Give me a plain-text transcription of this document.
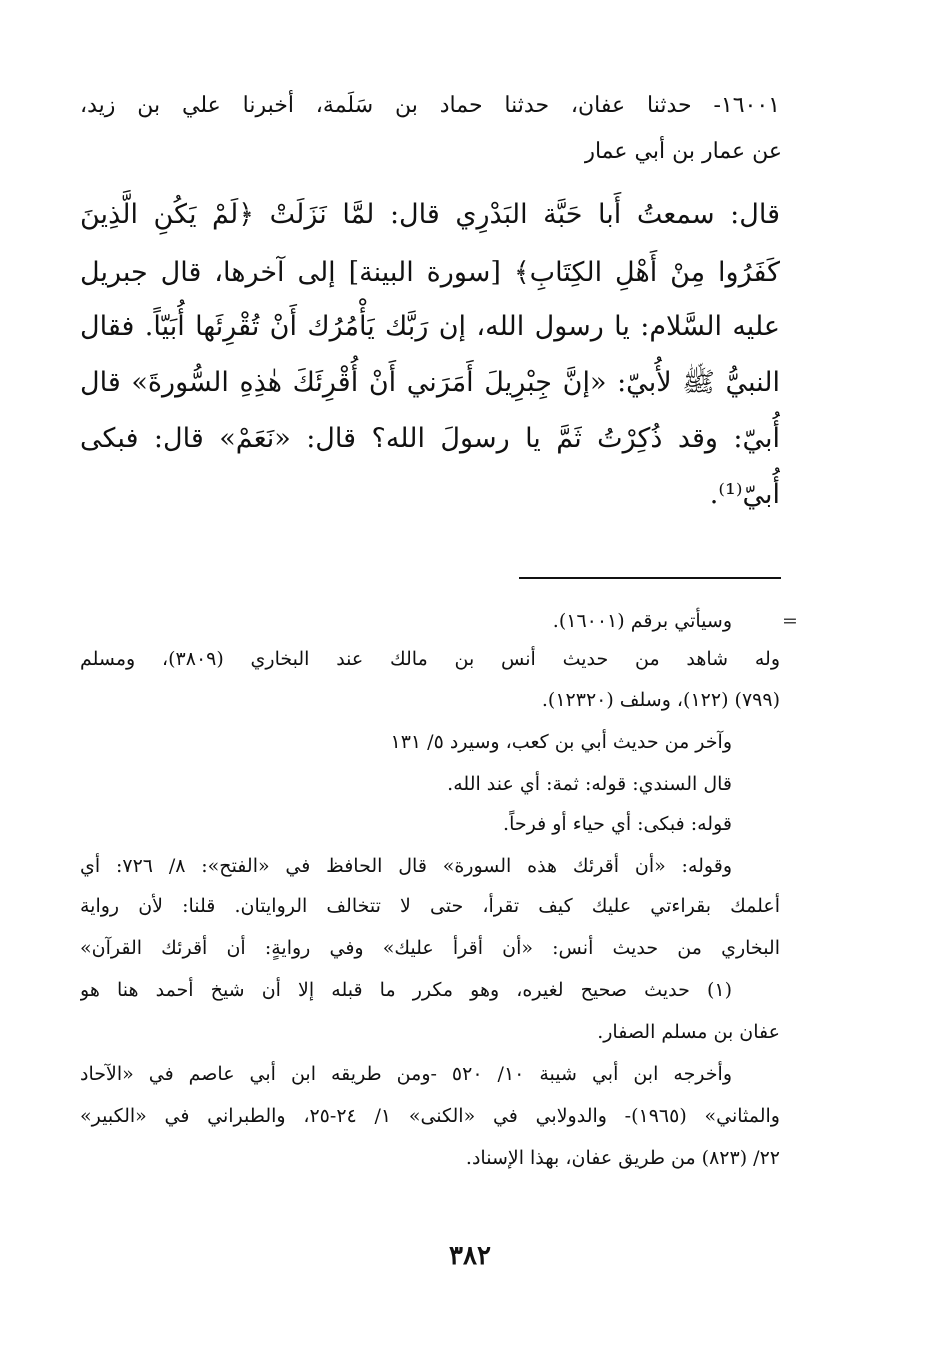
١٦٠٠١- حدثنا عفان، حدثنا حماد بن سَلَمة، أخبرنا علي بن زيد،
عن عمار بن أبي عمار
قال: سمعتُ أَبا حَبَّة البَدْرِي قال: لمَّا نَزَلَتْ ﴿لَمْ يَكُنِ الَّذِينَ
كَفَرُوا مِنْ أَهْلِ الكِتَابِ﴾ [سورة البينة] إلى آخرها، قال جبريل
عليه السَّلام: يا رسول الله، إن رَبَّك يَأْمُرُك أَنْ تُقْرِئَها أُبَيّاً. فقال
النبيُّ ﷺ لأُبيّ: «إنَّ جِبْرِيلَ أَمَرَني أَنْ أُقْرِئَكَ هٰذِهِ السُّورةَ» قال
أُبيّ: وقد ذُكِرْتُ ثَمَّ يا رسولَ الله؟ قال: «نَعَمْ» قال: فبكى
أُبيّ⁽¹⁾.
=
وسيأتي برقم (١٦٠٠١).
وله شاهد من حديث أنس بن مالك عند البخاري (٣٨٠٩)، ومسلم
(٧٩٩) (١٢٢)، وسلف (١٢٣٢٠).
وآخر من حديث أبي بن كعب، وسيرد ٥/ ١٣١
قال السندي: قوله: ثمة: أي عند الله.
قوله: فبكى: أي حياء أو فرحاً.
وقوله: «أن أقرئك هذه السورة» قال الحافظ في «الفتح»: ٨/ ٧٢٦: أي
أعلمك بقراءتي عليك كيف تقرأ، حتى لا تتخالف الروايتان. قلنا: لأن رواية
البخاري من حديث أنس: «أن أقرأ عليك» وفي روايةٍ: أن أقرئك القرآن»
(١) حديث صحيح لغيره، وهو مكرر ما قبله إلا أن شيخ أحمد هنا هو
عفان بن مسلم الصفار.
وأخرجه ابن أبي شيبة ١٠/ ٥٢٠ -ومن طريقه ابن أبي عاصم في «الآحاد
والمثاني» (١٩٦٥)- والدولابي في «الكنى» ١/ ٢٤-٢٥، والطبراني في «الكبير»
٢٢/ (٨٢٣) من طريق عفان، بهذا الإسناد.
٣٨٢
